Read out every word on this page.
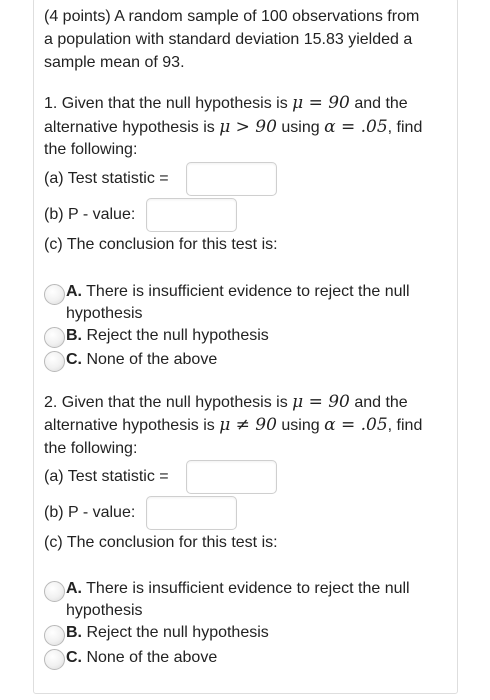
(4 points) A random sample of 100 observations from
a population with standard deviation 15.83 yielded a
sample mean of 93.
1. Given that the null hypothesis is μ = 90 and the
alternative hypothesis is μ > 90 using α = .05, find
the following:
(a) Test statistic =
(b) P - value:
(c) The conclusion for this test is:
A. There is insufficient evidence to reject the null
hypothesis
B. Reject the null hypothesis
C. None of the above
2. Given that the null hypothesis is μ = 90 and the
alternative hypothesis is μ ≠ 90 using α = .05, find
the following:
(a) Test statistic =
(b) P - value:
(c) The conclusion for this test is:
A. There is insufficient evidence to reject the null
hypothesis
B. Reject the null hypothesis
C. None of the above
